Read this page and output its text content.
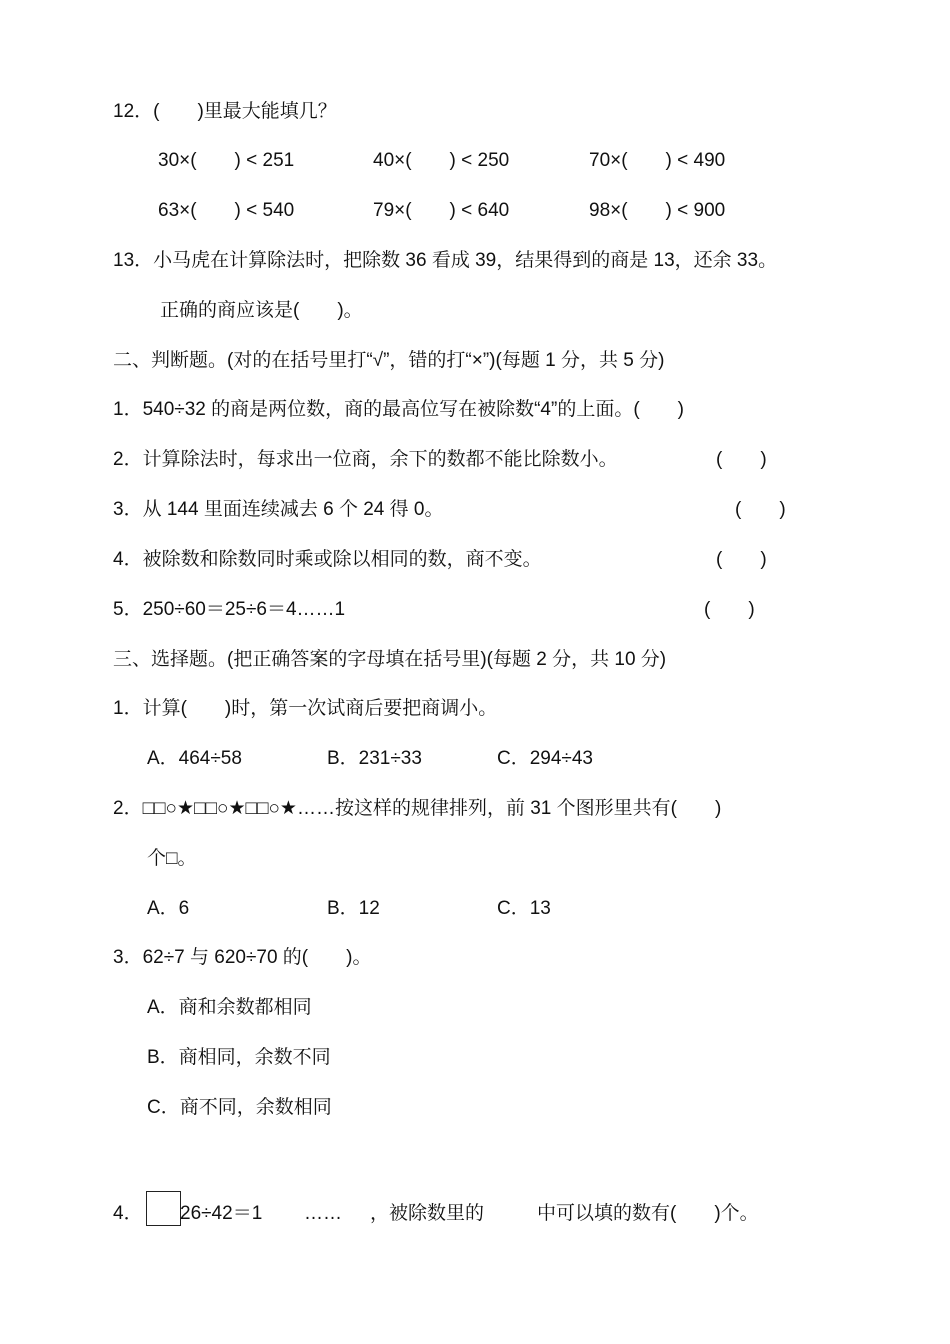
12．(　　)里最大能填几？
30×(　　) < 251	40×(　　) < 250	70×(　　) < 490
63×(　　) < 540	79×(　　) < 640	98×(　　) < 900
13．小马虎在计算除法时，把除数 36 看成 39，结果得到的商是 13，还余 33。
正确的商应该是(　　)。
二、判断题。(对的在括号里打“√”，错的打“×”)(每题 1 分，共 5 分)
1．540÷32 的商是两位数，商的最高位写在被除数“4”的上面。(　　)
2．计算除法时，每求出一位商，余下的数都不能比除数小。	(　　)
3．从 144 里面连续减去 6 个 24 得 0。	(　　)
4．被除数和除数同时乘或除以相同的数，商不变。	(　　)
5．250÷60＝25÷6＝4……1	(　　)
三、选择题。(把正确答案的字母填在括号里)(每题 2 分，共 10 分)
1．计算(　　)时，第一次试商后要把商调小。
A．464÷58	B．231÷33	C．294÷43
2．□□○★□□○★□□○★……按这样的规律排列，前 31 个图形里共有(　　)
个□。
A．6	B．12	C．13
3．62÷7 与 620÷70 的(　　)。
A．商和余数都相同
B．商相同，余数不同
C．商不同，余数相同
4． 26÷42＝1 …… ，被除数里的	中可以填的数有(　　)个。
